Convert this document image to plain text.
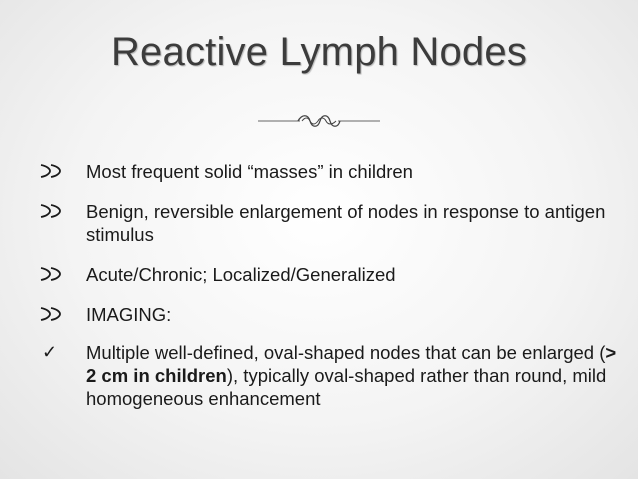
Reactive Lymph Nodes
Most frequent solid “masses” in children
Benign, reversible enlargement of nodes in response to antigen stimulus
Acute/Chronic; Localized/Generalized
IMAGING:
✓ Multiple well-defined, oval-shaped nodes that can be enlarged (> 2 cm in children), typically oval-shaped rather than round, mild homogeneous enhancement
